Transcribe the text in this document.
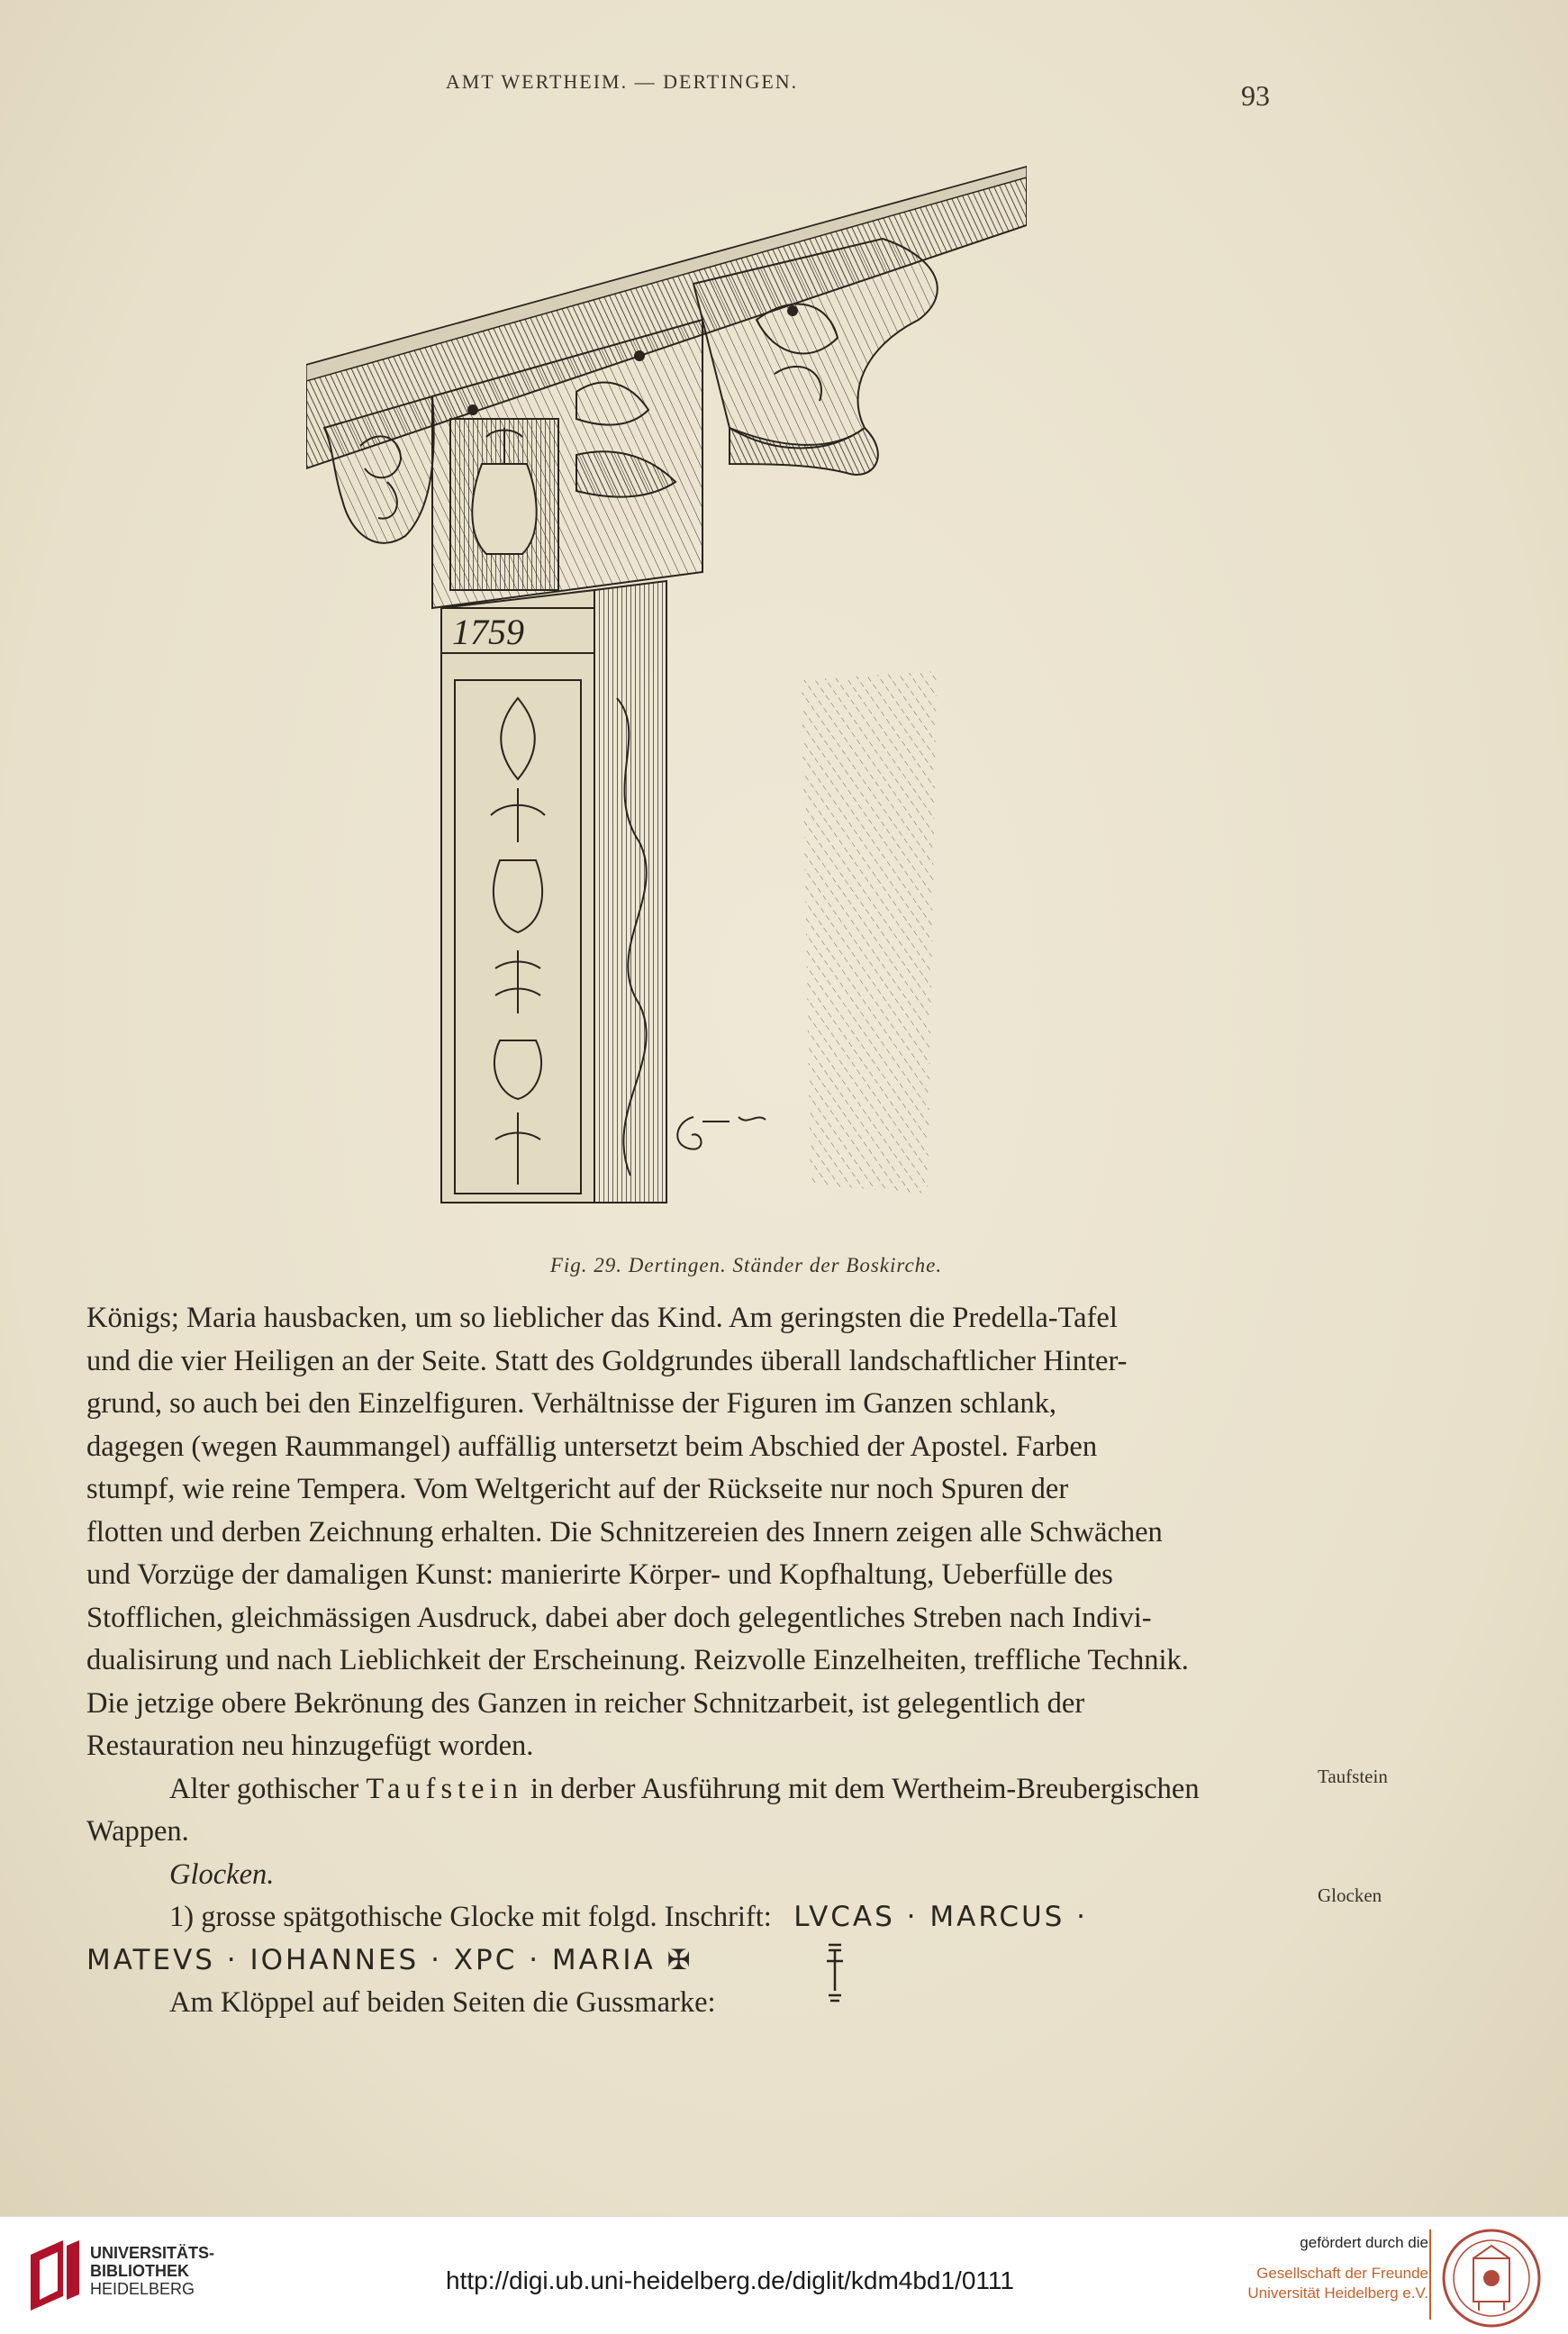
AMT WERTHEIM. — DERTINGEN.	93
1759
Fig. 29. Dertingen. Ständer der Boskirche.

Königs; Maria hausbacken, um so lieblicher das Kind. Am geringsten die Predella-Tafel

und die vier Heiligen an der Seite. Statt des Goldgrundes überall landschaftlicher Hinter-

grund, so auch bei den Einzelfiguren. Verhältnisse der Figuren im Ganzen schlank,

dagegen (wegen Raummangel) auffällig untersetzt beim Abschied der Apostel. Farben

stumpf, wie reine Tempera. Vom Weltgericht auf der Rückseite nur noch Spuren der

flotten und derben Zeichnung erhalten. Die Schnitzereien des Innern zeigen alle Schwächen

und Vorzüge der damaligen Kunst: manierirte Körper- und Kopfhaltung, Ueberfülle des

Stofflichen, gleichmässigen Ausdruck, dabei aber doch gelegentliches Streben nach Indivi-

dualisirung und nach Lieblichkeit der Erscheinung. Reizvolle Einzelheiten, treffliche Technik.

Die jetzige obere Bekrönung des Ganzen in reicher Schnitzarbeit, ist gelegentlich der

Restauration neu hinzugefügt worden.

Alter gothischer Taufstein in derber Ausführung mit dem Wertheim-Breubergischen

Wappen.

Glocken.

1) grosse spätgothische Glocke mit folgd. Inschrift: LVCAS · MARCUS ·

MATEVS · IOHANNES · XPC · MARIA ✠

Am Klöppel auf beiden Seiten die Gussmarke:

Taufstein
Glocken
UNIVERSITÄTS-
BIBLIOTHEK
HEIDELBERG	http://digi.ub.uni-heidelberg.de/diglit/kdm4bd1/0111
gefördert durch die
Gesellschaft der Freunde
Universität Heidelberg e.V.
